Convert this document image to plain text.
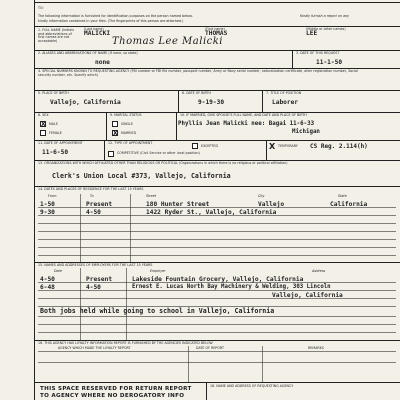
TO:
The following information is furnished for identification purposes on the person named below.	Kindly furnish a report on any
kindly information contained in your files. (The fingerprints of this person are attached.)
1. FULL NAME (Initials and abbreviations of first names are not acceptable)
MALICKI	THOMAS	LEE
(Last name)	(First name)	(Middle or other names)
Thomas Lee Malicki
2. ALIASES AND ABBREVIATIONS OF NAME (If none, so state)
none
3. DATE OF THIS REQUEST
11-1-50
4. SPECIAL NUMBERS KNOWN TO REQUESTING AGENCY (FBI number or FBI file number, passport number, Army or Navy serial number, naturalization certificate, alien registration number, Social security number, etc. Specify which)
5. PLACE OF BIRTH
Vallejo, California
6. DATE OF BIRTH
9-19-30
7. TITLE OF POSITION
Laborer
8. SEX
X MALE
FEMALE
9. MARITAL STATUS
SINGLE
X MARRIED
10. IF MARRIED, GIVE SPOUSE'S FULL NAME, AND DATE AND PLACE OF BIRTH
Phyllis Jean Malicki nee: Bagai 11-6-33
Michigan
11. DATE OF APPOINTMENT
11-6-50
12. TYPE OF APPOINTMENT
EXCEPTED
COMPETITIVE (Civil Service or other local position)
X TEMPORARY CS Reg. 2.114(h)
13. ORGANIZATIONS WITH WHICH AFFILIATED OTHER THAN RELIGIOUS OR POLITICAL (Organizations in which there is no religious or political affiliation)
Clerk's Union Local #373, Vallejo, California
14. DATES AND PLACES OF RESIDENCE FOR THE LAST 15 YEARS
From	To	Street	City	State
1-50	Present	180 Hunter Street	Vallejo	California
9-30	4-50	1422 Ryder St., Vallejo, California
15. NAMES AND ADDRESSES OF EMPLOYERS FOR THE LAST 15 YEARS
Date	Employer	Address
4-50	Present	Lakeside Fountain Grocery, Vallejo, California
6-48	4-50	Ernest E. Lucas North Bay Machinery & Welding, 303 Lincoln
Vallejo, California
Both jobs held while going to school in Vallejo, California
16. THIS AGENCY HAS LOYALTY INFORMATION REPORT IS FURNISHED BY THE AGENCIES INDICATED BELOW
AGENCY WHICH MADE THE LOYALTY REPORT	DATE OF REPORT	REMARKS
THIS SPACE RESERVED FOR RETURN REPORT
TO AGENCY WHERE NO DEROGATORY INFO
18. NAME AND ADDRESS OF REQUESTING AGENCY
